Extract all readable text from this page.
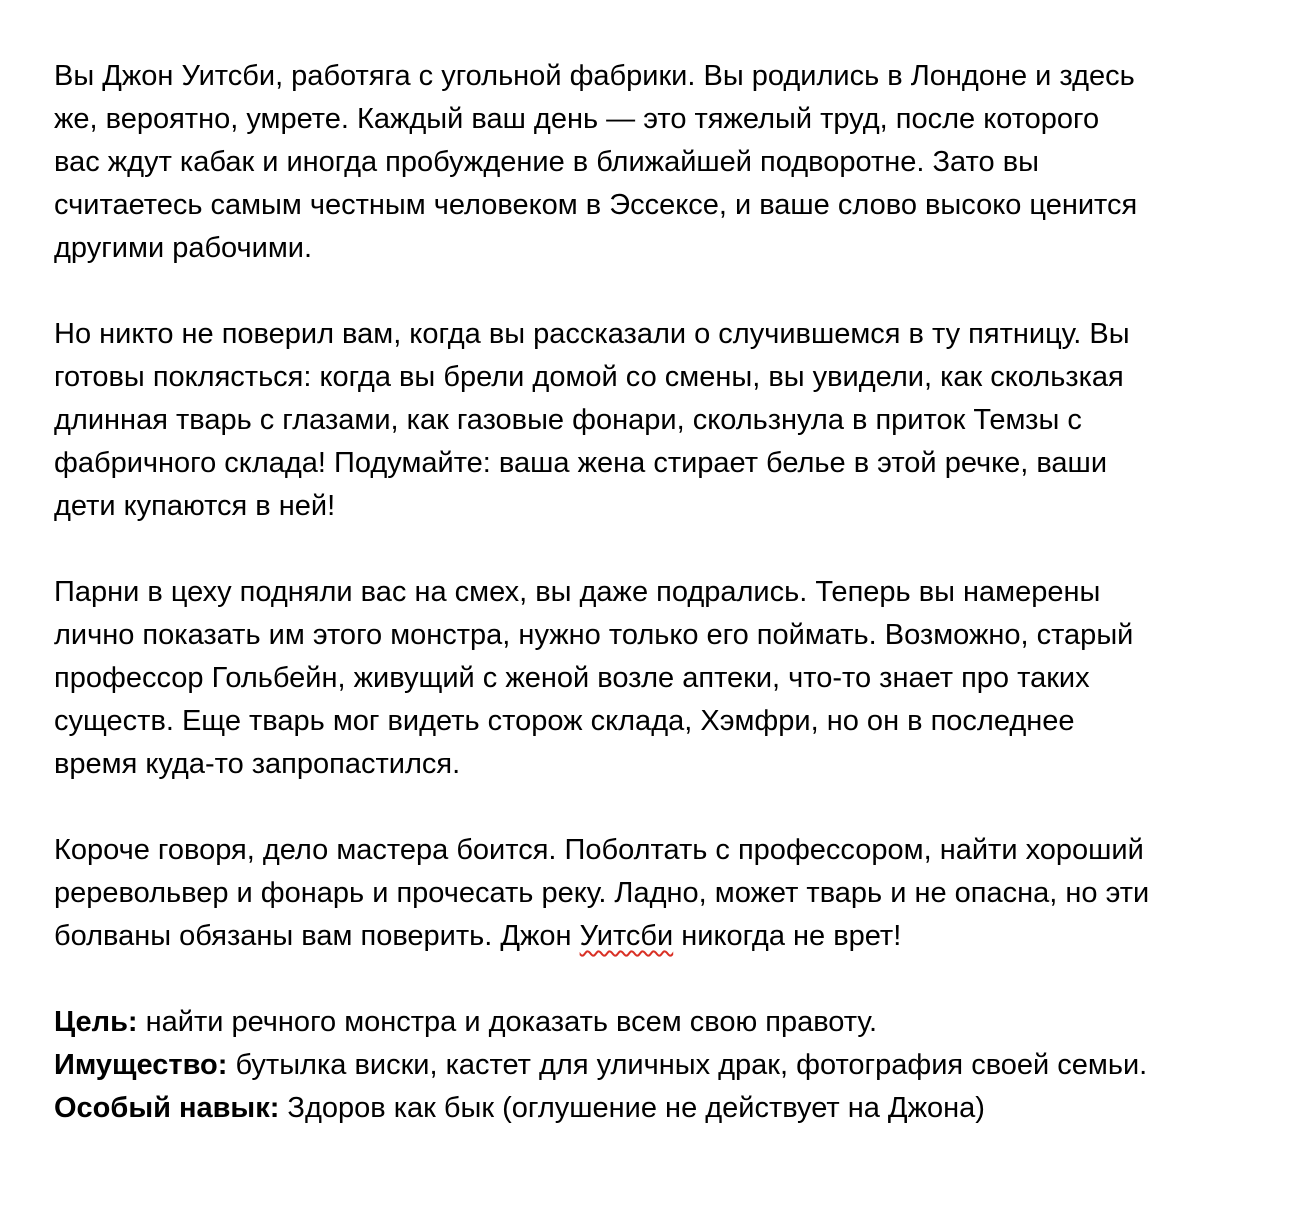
Вы Джон Уитсби, работяга с угольной фабрики. Вы родились в Лондоне и здесь
же, вероятно, умрете. Каждый ваш день — это тяжелый труд, после которого
вас ждут кабак и иногда пробуждение в ближайшей подворотне. Зато вы
считаетесь самым честным человеком в Эссексе, и ваше слово высоко ценится
другими рабочими.

Но никто не поверил вам, когда вы рассказали о случившемся в ту пятницу. Вы
готовы поклясться: когда вы брели домой со смены, вы увидели, как скользкая
длинная тварь с глазами, как газовые фонари, скользнула в приток Темзы с
фабричного склада! Подумайте: ваша жена стирает белье в этой речке, ваши
дети купаются в ней!

Парни в цеху подняли вас на смех, вы даже подрались. Теперь вы намерены
лично показать им этого монстра, нужно только его поймать. Возможно, старый
профессор Гольбейн, живущий с женой возле аптеки, что-то знает про таких
существ. Еще тварь мог видеть сторож склада, Хэмфри, но он в последнее
время куда-то запропастился.

Короче говоря, дело мастера боится. Поболтать с профессором, найти хороший
реревольвер и фонарь и прочесать реку. Ладно, может тварь и не опасна, но эти
болваны обязаны вам поверить. Джон Уитсби никогда не врет!

Цель: найти речного монстра и доказать всем свою правоту.
Имущество: бутылка виски, кастет для уличных драк, фотография своей семьи.
Особый навык: Здоров как бык (оглушение не действует на Джона)
